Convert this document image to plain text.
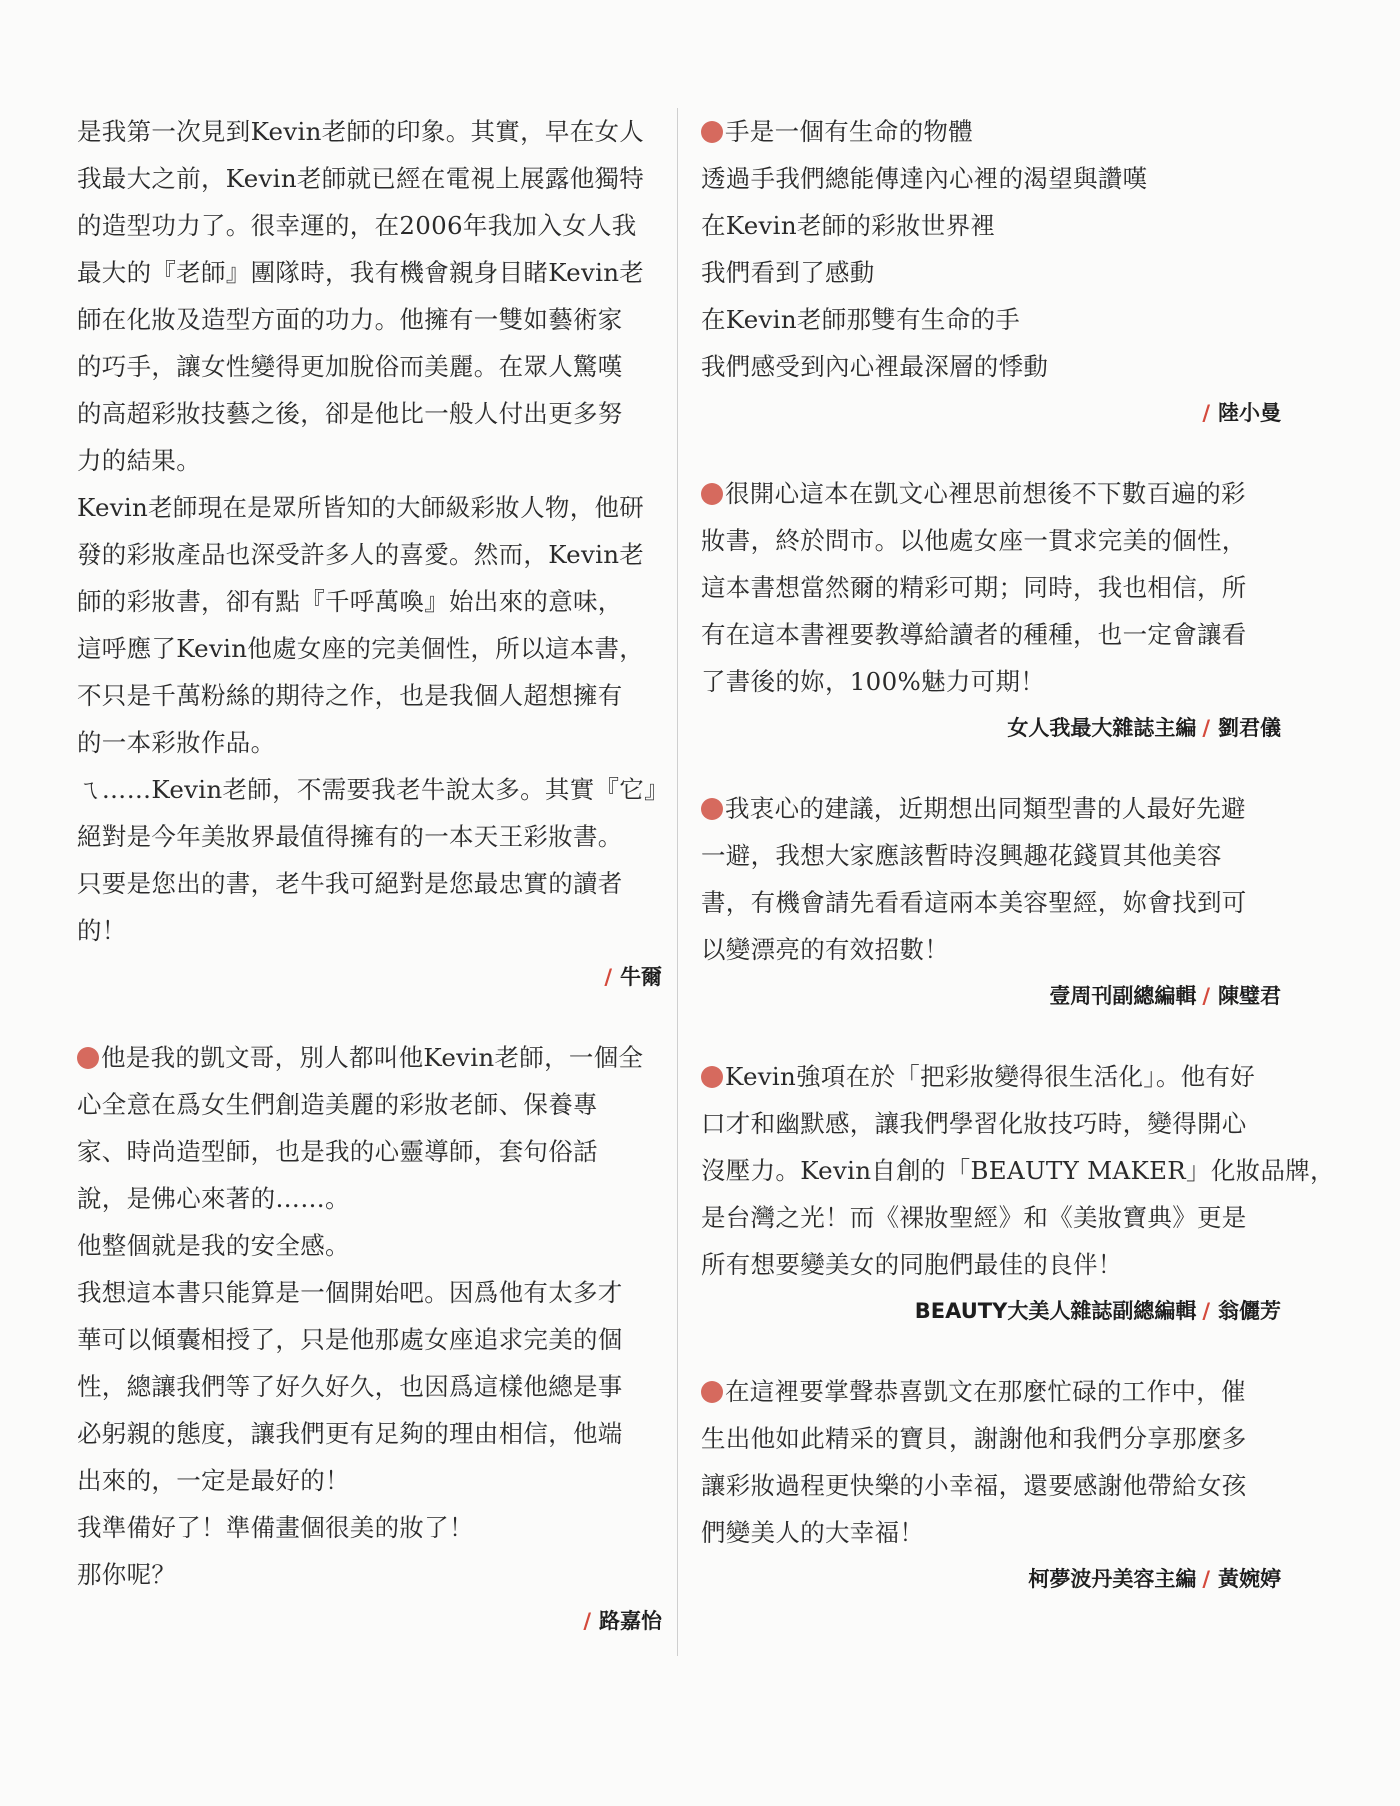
是我第一次見到Kevin老師的印象。其實，早在女人
我最大之前，Kevin老師就已經在電視上展露他獨特
的造型功力了。很幸運的，在2006年我加入女人我
最大的『老師』團隊時，我有機會親身目睹Kevin老
師在化妝及造型方面的功力。他擁有一雙如藝術家
的巧手，讓女性變得更加脫俗而美麗。在眾人驚嘆
的高超彩妝技藝之後，卻是他比一般人付出更多努
力的結果。
Kevin老師現在是眾所皆知的大師級彩妝人物，他研
發的彩妝產品也深受許多人的喜愛。然而，Kevin老
師的彩妝書，卻有點『千呼萬喚』始出來的意味，
這呼應了Kevin他處女座的完美個性，所以這本書，
不只是千萬粉絲的期待之作，也是我個人超想擁有
的一本彩妝作品。
ㄟ……Kevin老師，不需要我老牛說太多。其實『它』
絕對是今年美妝界最值得擁有的一本天王彩妝書。
只要是您出的書，老牛我可絕對是您最忠實的讀者
的！
/ 牛爾
他是我的凱文哥，別人都叫他Kevin老師，一個全
心全意在爲女生們創造美麗的彩妝老師、保養專
家、時尚造型師，也是我的心靈導師，套句俗話
說，是佛心來著的……。
他整個就是我的安全感。
我想這本書只能算是一個開始吧。因爲他有太多才
華可以傾囊相授了，只是他那處女座追求完美的個
性，總讓我們等了好久好久，也因爲這樣他總是事
必躬親的態度，讓我們更有足夠的理由相信，他端
出來的，一定是最好的！
我準備好了！準備畫個很美的妝了！
那你呢？
/ 路嘉怡
手是一個有生命的物體
透過手我們總能傳達內心裡的渴望與讚嘆
在Kevin老師的彩妝世界裡
我們看到了感動
在Kevin老師那雙有生命的手
我們感受到內心裡最深層的悸動
/ 陸小曼
很開心這本在凱文心裡思前想後不下數百遍的彩
妝書，終於問市。以他處女座一貫求完美的個性，
這本書想當然爾的精彩可期；同時，我也相信，所
有在這本書裡要教導給讀者的種種，也一定會讓看
了書後的妳，100%魅力可期！
女人我最大雜誌主編 / 劉君儀
我衷心的建議，近期想出同類型書的人最好先避
一避，我想大家應該暫時沒興趣花錢買其他美容
書，有機會請先看看這兩本美容聖經，妳會找到可
以變漂亮的有效招數！
壹周刊副總編輯 / 陳璧君
Kevin強項在於「把彩妝變得很生活化」。他有好
口才和幽默感，讓我們學習化妝技巧時，變得開心
沒壓力。Kevin自創的「BEAUTY MAKER」化妝品牌，
是台灣之光！而《裸妝聖經》和《美妝寶典》更是
所有想要變美女的同胞們最佳的良伴！
BEAUTY大美人雜誌副總編輯 / 翁儷芳
在這裡要掌聲恭喜凱文在那麼忙碌的工作中，催
生出他如此精采的寶貝，謝謝他和我們分享那麼多
讓彩妝過程更快樂的小幸福，還要感謝他帶給女孩
們變美人的大幸福！
柯夢波丹美容主編 / 黃婉婷
